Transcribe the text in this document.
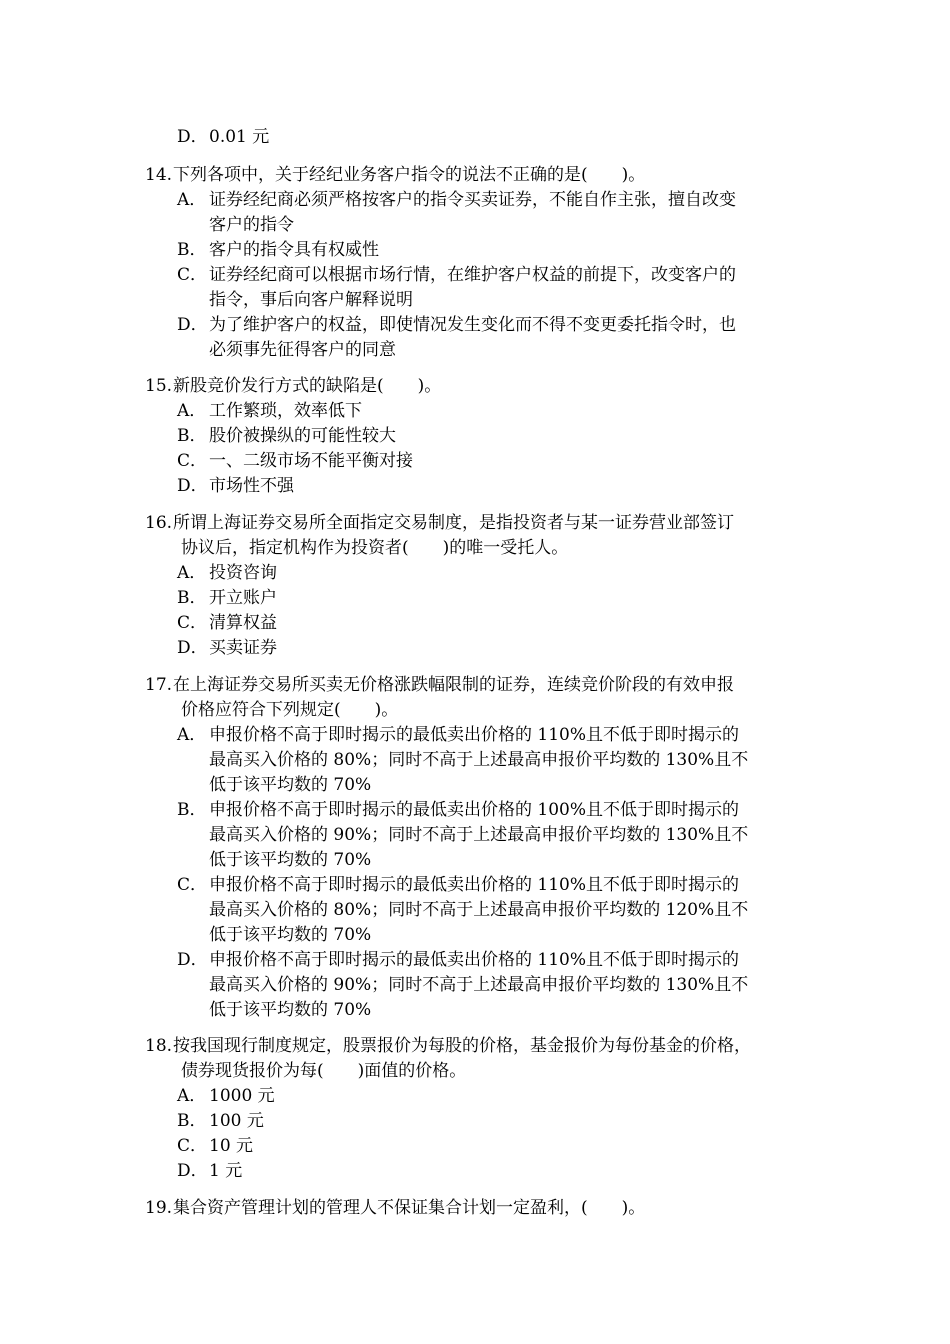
D．0.01 元
14.下列各项中，关于经纪业务客户指令的说法不正确的是(　　)。
A． 证券经纪商必须严格按客户的指令买卖证券，不能自作主张，擅自改变
客户的指令
B． 客户的指令具有权威性
C． 证券经纪商可以根据市场行情，在维护客户权益的前提下，改变客户的
指令，事后向客户解释说明
D．为了维护客户的权益，即使情况发生变化而不得不变更委托指令时，也
必须事先征得客户的同意
15.新股竞价发行方式的缺陷是(　　)。
A． 工作繁琐，效率低下
B． 股价被操纵的可能性较大
C． 一、二级市场不能平衡对接
D．市场性不强
16.所谓上海证券交易所全面指定交易制度，是指投资者与某一证券营业部签订
协议后，指定机构作为投资者(　　)的唯一受托人。
A． 投资咨询
B． 开立账户
C． 清算权益
D．买卖证券
17.在上海证券交易所买卖无价格涨跌幅限制的证券，连续竞价阶段的有效申报
价格应符合下列规定(　　)。
A． 申报价格不高于即时揭示的最低卖出价格的 110%且不低于即时揭示的
最高买入价格的 80%；同时不高于上述最高申报价平均数的 130%且不
低于该平均数的 70%
B． 申报价格不高于即时揭示的最低卖出价格的 100%且不低于即时揭示的
最高买入价格的 90%；同时不高于上述最高申报价平均数的 130%且不
低于该平均数的 70%
C． 申报价格不高于即时揭示的最低卖出价格的 110%且不低于即时揭示的
最高买入价格的 80%；同时不高于上述最高申报价平均数的 120%且不
低于该平均数的 70%
D．申报价格不高于即时揭示的最低卖出价格的 110%且不低于即时揭示的
最高买入价格的 90%；同时不高于上述最高申报价平均数的 130%且不
低于该平均数的 70%
18.按我国现行制度规定，股票报价为每股的价格，基金报价为每份基金的价格，
债券现货报价为每(　　)面值的价格。
A． 1000 元
B． 100 元
C． 10 元
D．1 元
19.集合资产管理计划的管理人不保证集合计划一定盈利，(　　)。
